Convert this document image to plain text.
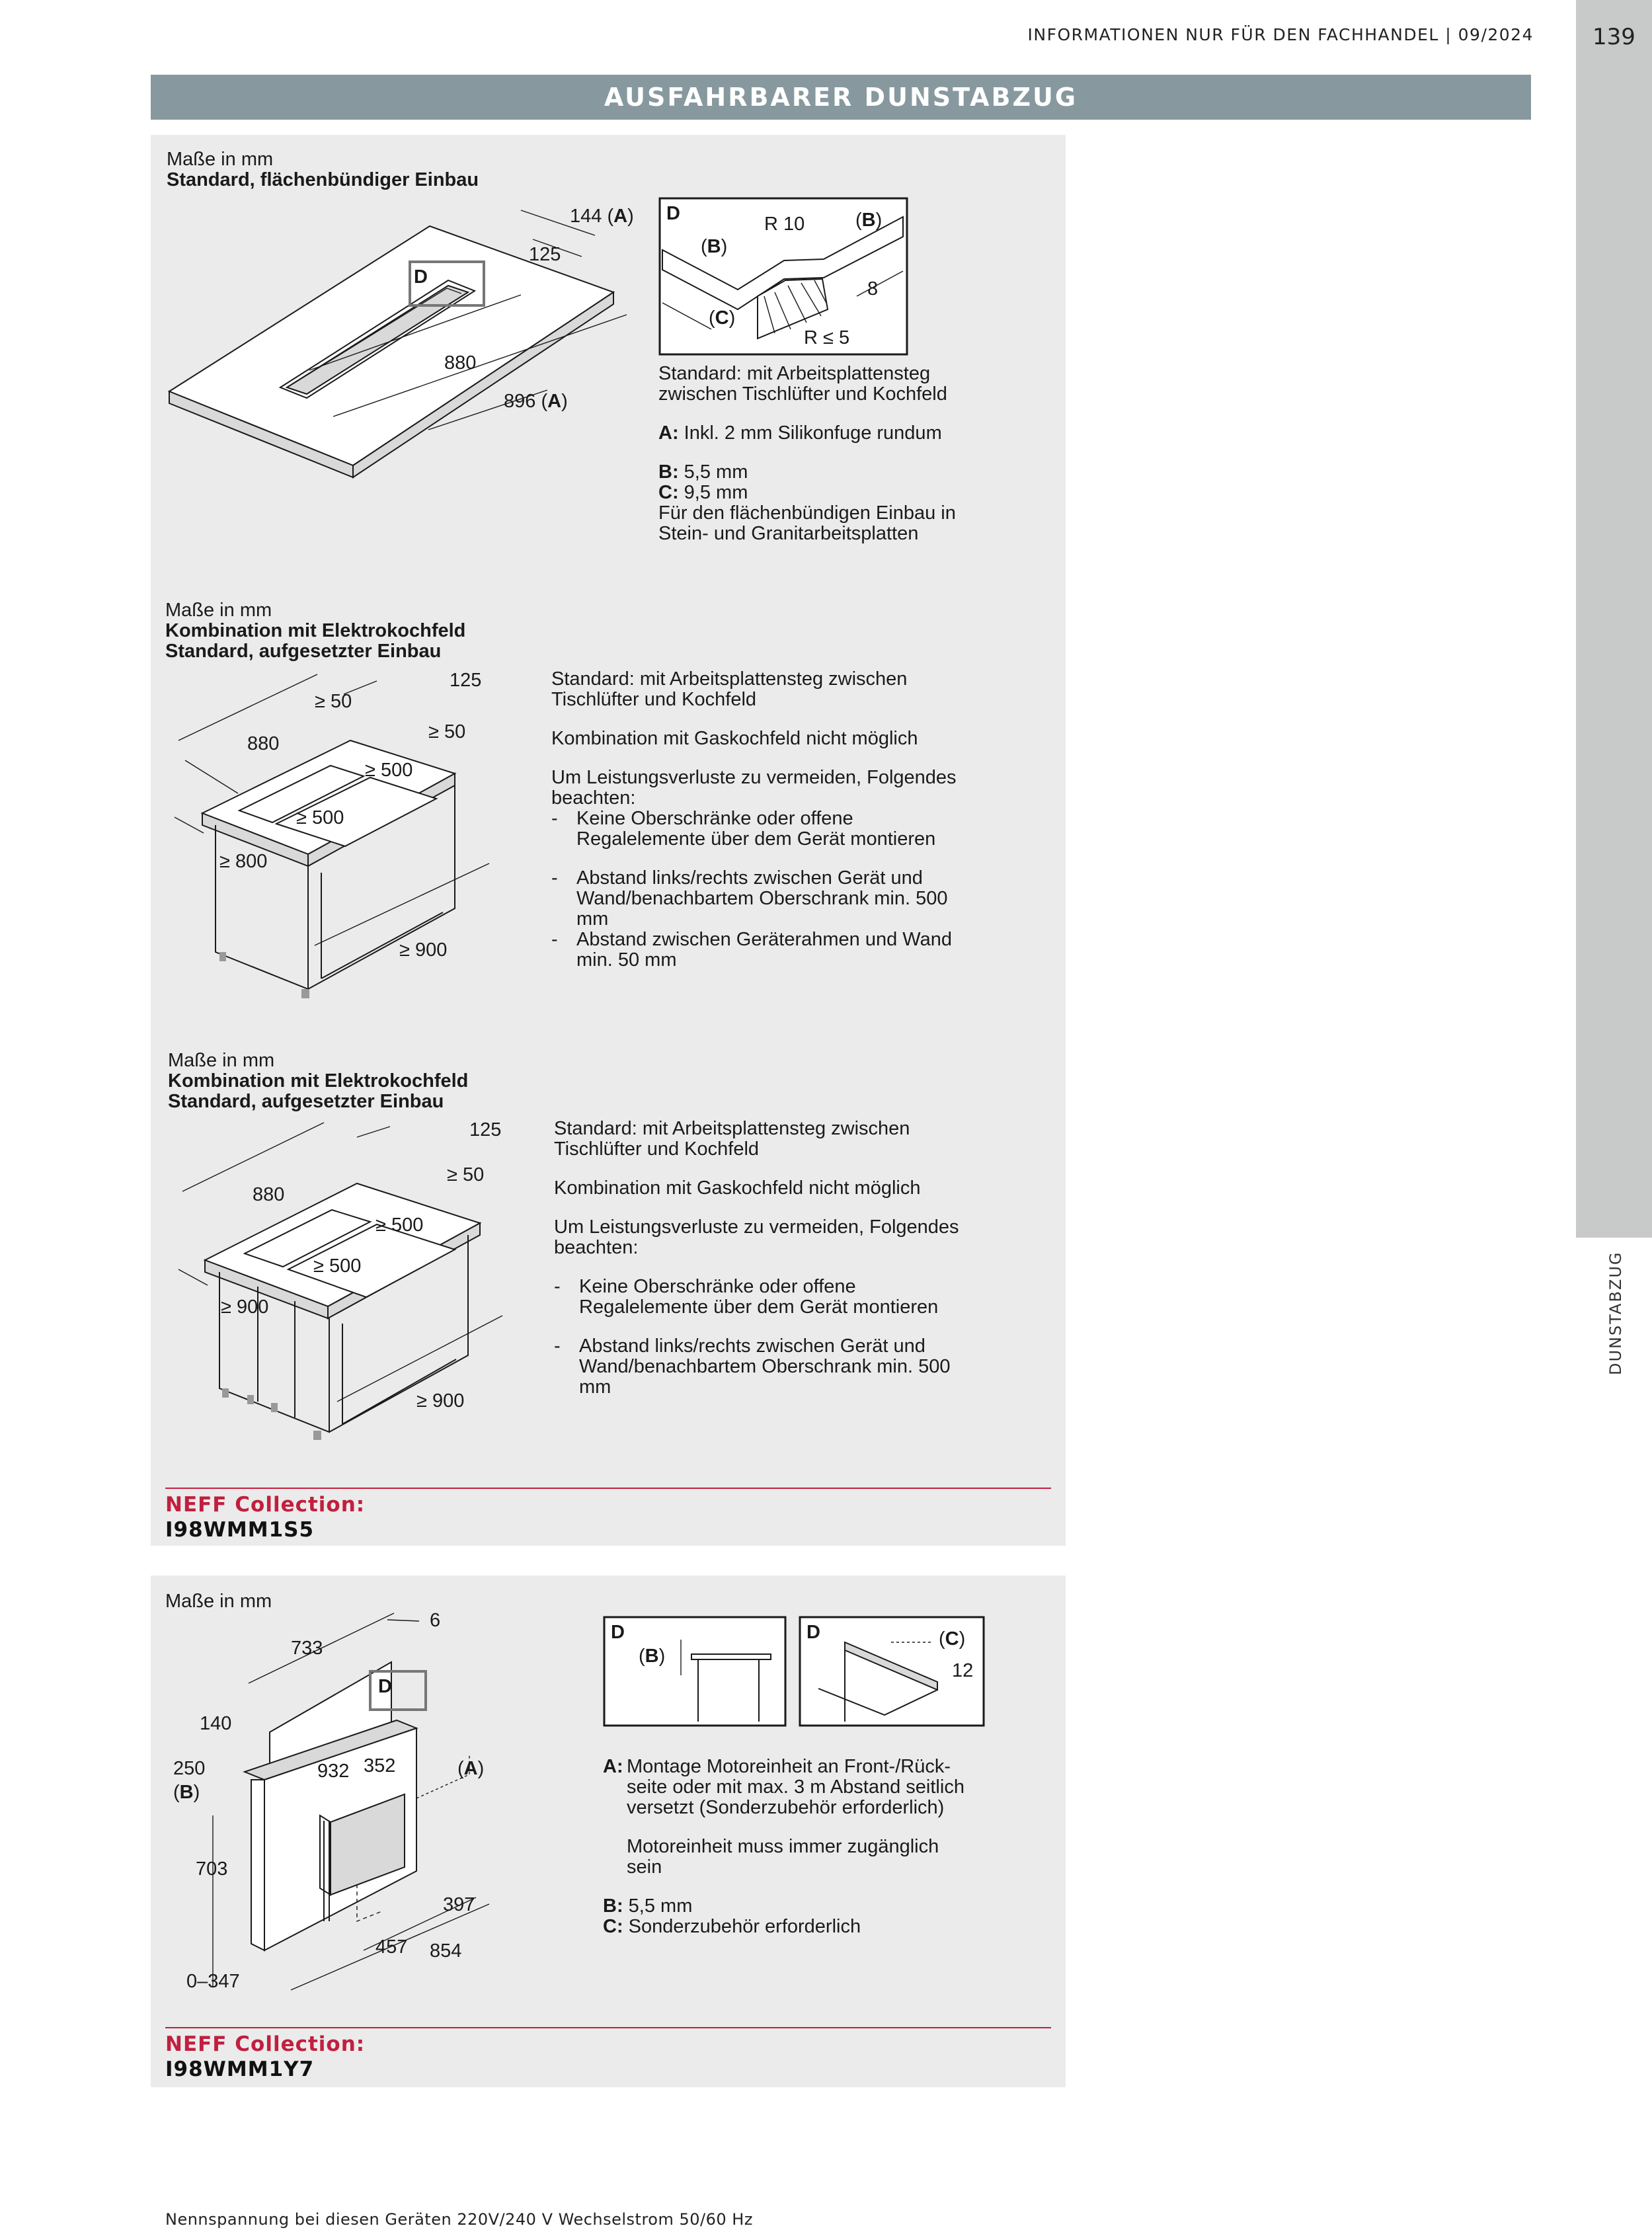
INFORMATIONEN NUR FÜR DEN FACHHANDEL | 09/2024	139
DUNSTABZUG
AUSFAHRBARER DUNSTABZUG
Maße in mm
Standard, flächenbündiger Einbau
D
144 (A)
125
880
896 (A)
D
(B)
R 10	(B)
(C)
8
R ≤ 5
Standard: mit Arbeitsplattensteg
zwischen Tischlüfter und Kochfeld
A: Inkl. 2 mm Silikonfuge rundum
B: 5,5 mm
C: 9,5 mm
Für den flächenbündigen Einbau in
Stein- und Granitarbeitsplatten
Maße in mm
Kombination mit Elektrokochfeld
Standard, aufgesetzter Einbau
125
≥ 50
≥ 50
880
≥ 500
≥ 500
≥ 800
≥ 900
Standard: mit Arbeitsplattensteg zwischen
Tischlüfter und Kochfeld
Kombination mit Gaskochfeld nicht möglich
Um Leistungsverluste zu vermeiden, Folgendes
beachten:
- Keine Oberschränke oder offene
Regalelemente über dem Gerät montieren
- Abstand links/rechts zwischen Gerät und
Wand/benachbartem Oberschrank min. 500
mm
- Abstand zwischen Geräterahmen und Wand
min. 50 mm
Maße in mm
Kombination mit Elektrokochfeld
Standard, aufgesetzter Einbau
125
≥ 50
880
≥ 500
≥ 500
≥ 900
≥ 900
Standard: mit Arbeitsplattensteg zwischen
Tischlüfter und Kochfeld
Kombination mit Gaskochfeld nicht möglich
Um Leistungsverluste zu vermeiden, Folgendes
beachten:
- Keine Oberschränke oder offene
Regalelemente über dem Gerät montieren
- Abstand links/rechts zwischen Gerät und
Wand/benachbartem Oberschrank min. 500
mm
NEFF Collection:
I98WMM1S5
Maße in mm
D
6
733
140
250
(B)
932 352	(A)
703
397
457 854
0–347
D
(B)
D	(C)
12
A: Montage Motoreinheit an Front-/Rück-
seite oder mit max. 3 m Abstand seitlich
versetzt (Sonderzubehör erforderlich)
Motoreinheit muss immer zugänglich
sein
B: 5,5 mm
C: Sonderzubehör erforderlich
NEFF Collection:
I98WMM1Y7
Nennspannung bei diesen Geräten 220V/240 V Wechselstrom 50/60 Hz
